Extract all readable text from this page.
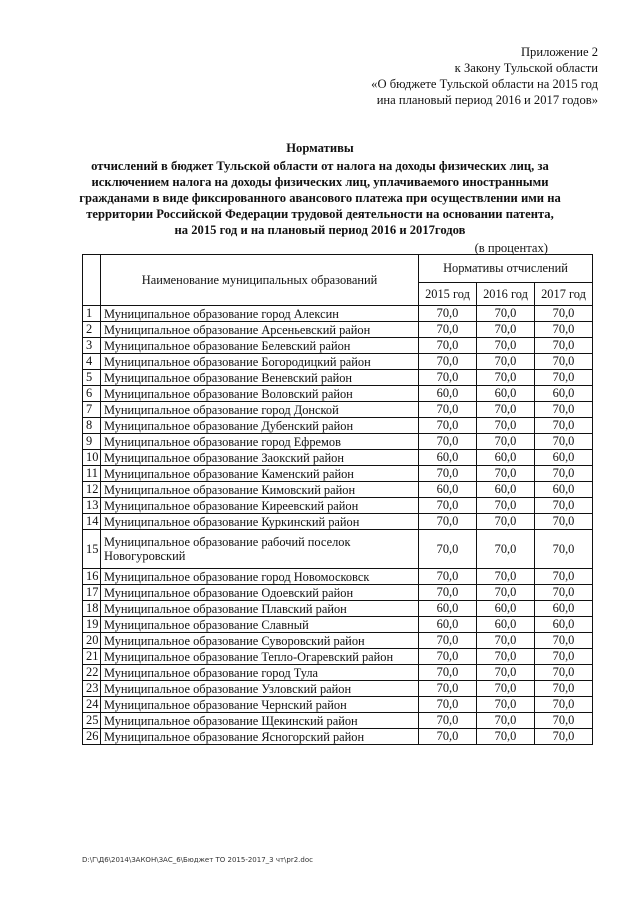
Приложение 2
к Закону Тульской области
«О бюджете Тульской области на 2015 год
ина плановый период 2016 и 2017 годов»
Нормативы
отчислений в бюджет Тульской области от налога на доходы физических лиц, за
исключением налога на доходы физических лиц, уплачиваемого иностранными
гражданами в виде фиксированного авансового платежа при осуществлении ими на
территории Российской Федерации трудовой деятельности на основании патента,
на 2015 год и на плановый период 2016 и 2017годов
(в процентах)
	Наименование муниципальных образований	Нормативы отчислений		
		2015 год	2016 год	2017 год
1	Муниципальное образование город Алексин	70,0	70,0	70,0
2	Муниципальное образование Арсеньевский район	70,0	70,0	70,0
3	Муниципальное образование Белевский район	70,0	70,0	70,0
4	Муниципальное образование Богородицкий район	70,0	70,0	70,0
5	Муниципальное образование Веневский район	70,0	70,0	70,0
6	Муниципальное образование Воловский район	60,0	60,0	60,0
7	Муниципальное образование город Донской	70,0	70,0	70,0
8	Муниципальное образование Дубенский район	70,0	70,0	70,0
9	Муниципальное образование город Ефремов	70,0	70,0	70,0
10	Муниципальное образование Заокский район	60,0	60,0	60,0
11	Муниципальное образование Каменский район	70,0	70,0	70,0
12	Муниципальное образование Кимовский район	60,0	60,0	60,0
13	Муниципальное образование Киреевский район	70,0	70,0	70,0
14	Муниципальное образование Куркинский район	70,0	70,0	70,0
15	Муниципальное образование рабочий поселок Новогуровский	70,0	70,0	70,0
16	Муниципальное образование город Новомосковск	70,0	70,0	70,0
17	Муниципальное образование Одоевский район	70,0	70,0	70,0
18	Муниципальное образование Плавский район	60,0	60,0	60,0
19	Муниципальное образование Славный	60,0	60,0	60,0
20	Муниципальное образование Суворовский район	70,0	70,0	70,0
21	Муниципальное образование Тепло-Огаревский район	70,0	70,0	70,0
22	Муниципальное образование город Тула	70,0	70,0	70,0
23	Муниципальное образование Узловский район	70,0	70,0	70,0
24	Муниципальное образование Чернский район	70,0	70,0	70,0
25	Муниципальное образование Щекинский район	70,0	70,0	70,0
26	Муниципальное образование Ясногорский район	70,0	70,0	70,0
D:\Г\Д6\2014\ЗАКОН\ЗАС_6\Бюджет ТО 2015-2017_3 чт\pr2.doc
